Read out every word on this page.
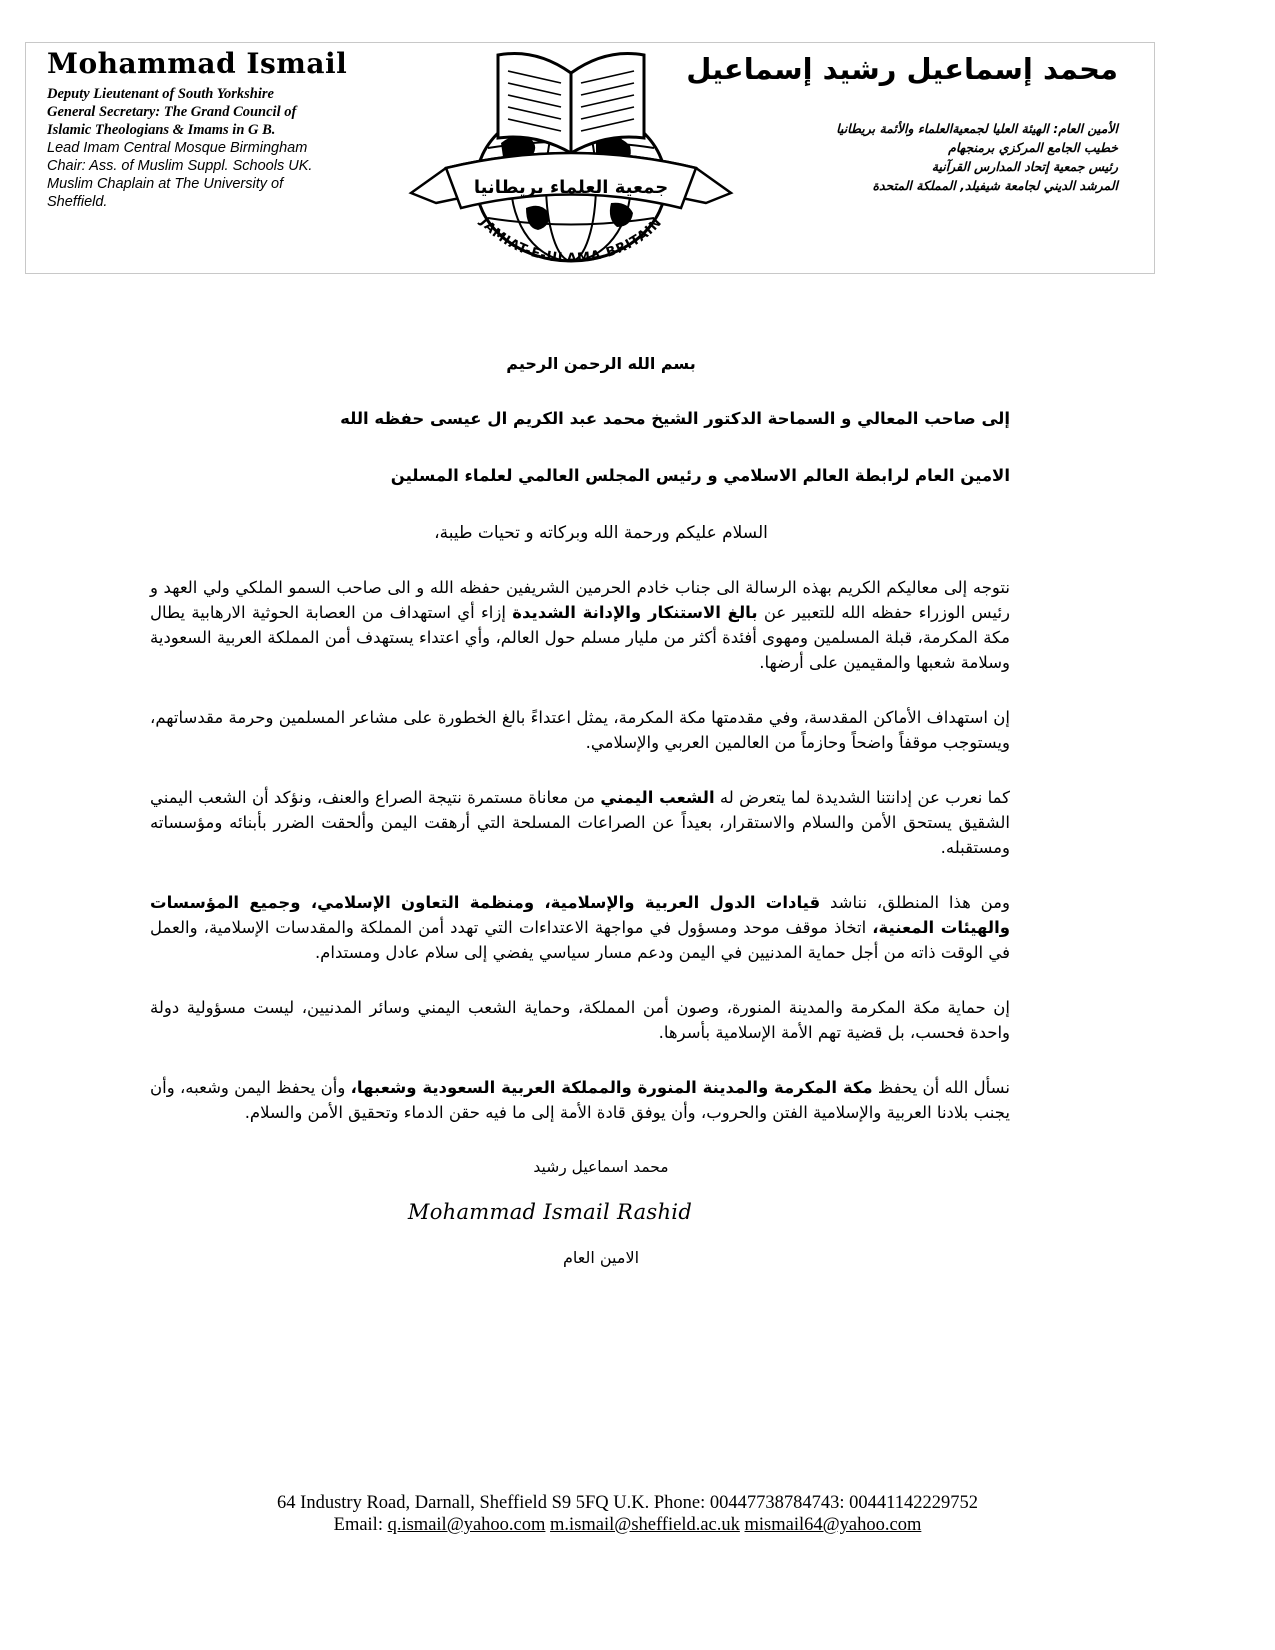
Mohammad Ismail
Deputy Lieutenant of South Yorkshire
General Secretary: The Grand Council of
Islamic Theologians & Imams in G B.
Lead Imam Central Mosque Birmingham
Chair: Ass. of Muslim Suppl. Schools UK.
Muslim Chaplain at The University of
Sheffield.
جمعية العلماء بريطانيا
JAMIAT-E-ULAMA BRITAIN
محمد إسماعيل رشيد إسماعيل
الأمين العام: الهيئة العليا لجمعيةالعلماء والأئمة بريطانيا
خطيب الجامع المركزي برمنجهام
رئيس جمعية إتحاد المدارس القرآنية
المرشد الديني لجامعة شيفيلد, المملكة المتحدة
بسم الله الرحمن الرحيم
إلى صاحب المعالي و السماحة الدكتور الشيخ محمد عبد الكريم ال عيسى حفظه الله
الامين العام لرابطة العالم الاسلامي و رئيس المجلس العالمي لعلماء المسلين
السلام عليكم ورحمة الله وبركاته و تحيات طيبة،
نتوجه إلى معاليكم الكريم بهذه الرسالة الى جناب خادم الحرمين الشريفين حفظه الله و الى صاحب السمو الملكي ولي العهد و رئيس الوزراء حفظه الله للتعبير عن بالغ الاستنكار والإدانة الشديدة إزاء أي استهداف من العصابة الحوثية الارهابية يطال مكة المكرمة، قبلة المسلمين ومهوى أفئدة أكثر من مليار مسلم حول العالم، وأي اعتداء يستهدف أمن المملكة العربية السعودية وسلامة شعبها والمقيمين على أرضها.
إن استهداف الأماكن المقدسة، وفي مقدمتها مكة المكرمة، يمثل اعتداءً بالغ الخطورة على مشاعر المسلمين وحرمة مقدساتهم، ويستوجب موقفاً واضحاً وحازماً من العالمين العربي والإسلامي.
كما نعرب عن إدانتنا الشديدة لما يتعرض له الشعب اليمني من معاناة مستمرة نتيجة الصراع والعنف، ونؤكد أن الشعب اليمني الشقيق يستحق الأمن والسلام والاستقرار، بعيداً عن الصراعات المسلحة التي أرهقت اليمن وألحقت الضرر بأبنائه ومؤسساته ومستقبله.
ومن هذا المنطلق، نناشد قيادات الدول العربية والإسلامية، ومنظمة التعاون الإسلامي، وجميع المؤسسات والهيئات المعنية، اتخاذ موقف موحد ومسؤول في مواجهة الاعتداءات التي تهدد أمن المملكة والمقدسات الإسلامية، والعمل في الوقت ذاته من أجل حماية المدنيين في اليمن ودعم مسار سياسي يفضي إلى سلام عادل ومستدام.
إن حماية مكة المكرمة والمدينة المنورة، وصون أمن المملكة، وحماية الشعب اليمني وسائر المدنيين، ليست مسؤولية دولة واحدة فحسب، بل قضية تهم الأمة الإسلامية بأسرها.
نسأل الله أن يحفظ مكة المكرمة والمدينة المنورة والمملكة العربية السعودية وشعبها، وأن يحفظ اليمن وشعبه، وأن يجنب بلادنا العربية والإسلامية الفتن والحروب، وأن يوفق قادة الأمة إلى ما فيه حقن الدماء وتحقيق الأمن والسلام.
محمد اسماعيل رشيد
Mohammad Ismail Rashid
الامين العام
64 Industry Road, Darnall, Sheffield S9 5FQ U.K. Phone: 00447738784743: 00441142229752
Email: q.ismail@yahoo.com m.ismail@sheffield.ac.uk mismail64@yahoo.com
